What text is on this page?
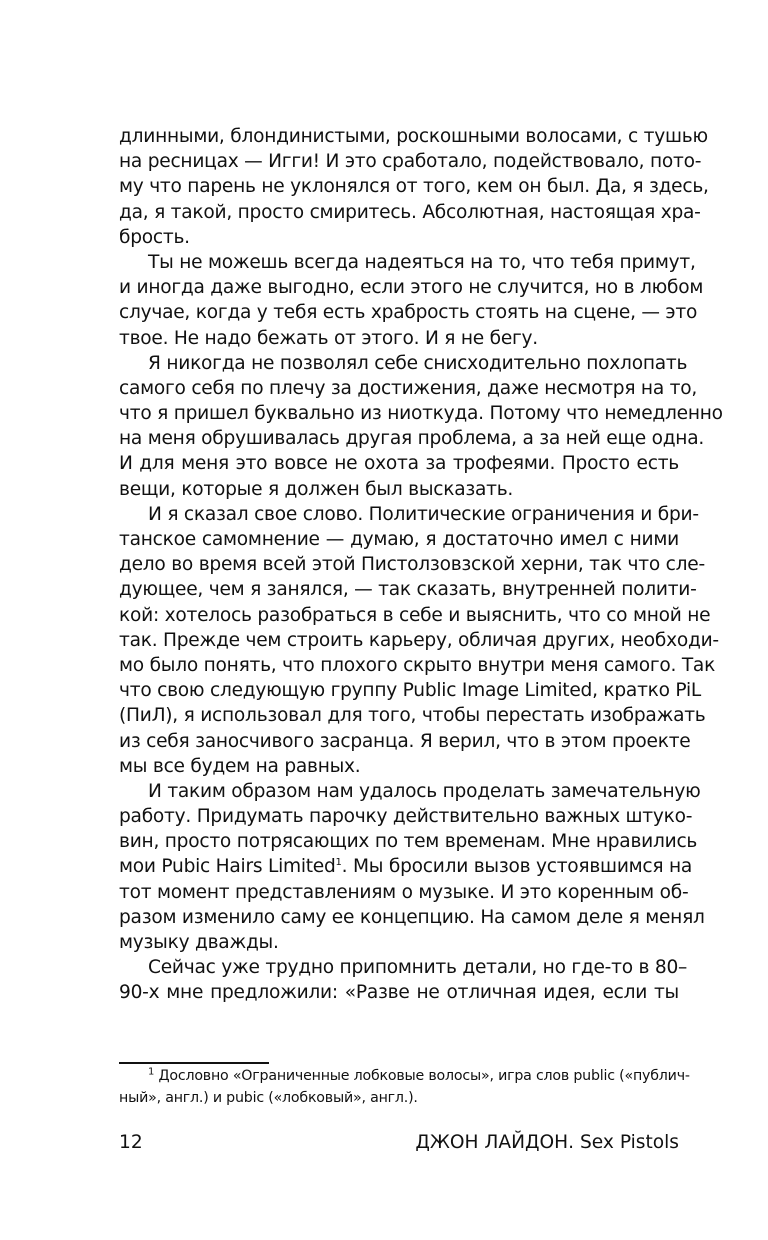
длинными, блондинистыми, роскошными волосами, с тушью
на ресницах — Игги! И это сработало, подействовало, пото-
му что парень не уклонялся от того, кем он был. Да, я здесь,
да, я такой, просто смиритесь. Абсолютная, настоящая хра-
брость.
Ты не можешь всегда надеяться на то, что тебя примут,
и иногда даже выгодно, если этого не случится, но в любом
случае, когда у тебя есть храбрость стоять на сцене, — это
твое. Не надо бежать от этого. И я не бегу.
Я никогда не позволял себе снисходительно похлопать
самого себя по плечу за достижения, даже несмотря на то,
что я пришел буквально из ниоткуда. Потому что немедленно
на меня обрушивалась другая проблема, а за ней еще одна.
И для меня это вовсе не охота за трофеями. Просто есть
вещи, которые я должен был высказать.
И я сказал свое слово. Политические ограничения и бри-
танское самомнение — думаю, я достаточно имел с ними
дело во время всей этой Пистолзовзской херни, так что сле-
дующее, чем я занялся, — так сказать, внутренней полити-
кой: хотелось разобраться в себе и выяснить, что со мной не
так. Прежде чем строить карьеру, обличая других, необходи-
мо было понять, что плохого скрыто внутри меня самого. Так
что свою следующую группу Public Image Limited, кратко PiL
(ПиЛ), я использовал для того, чтобы перестать изображать
из себя заносчивого засранца. Я верил, что в этом проекте
мы все будем на равных.
И таким образом нам удалось проделать замечательную
работу. Придумать парочку действительно важных штуко-
вин, просто потрясающих по тем временам. Мне нравились
мои Pubic Hairs Limited$^1$. Мы бросили вызов устоявшимся на
тот момент представлениям о музыке. И это коренным об-
разом изменило саму ее концепцию. На самом деле я менял
музыку дважды.
Сейчас уже трудно припомнить детали, но где-то в 80–
90-х мне предложили: «Разве не отличная идея, если ты
$^1$ Дословно «Ограниченные лобковые волосы», игра слов public («публич-
ный», англ.) и pubic («лобковый», англ.).
12	ДЖОН ЛАЙДОН. Sex Pistols
